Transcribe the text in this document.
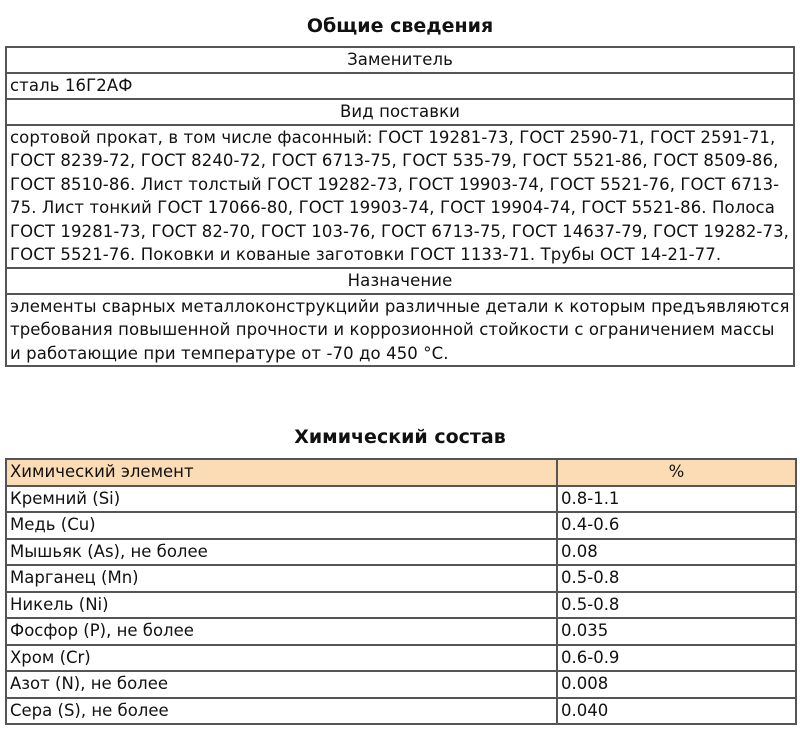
Общие сведения
Заменитель
сталь 16Г2АФ
Вид поставки
сортовой прокат, в том числе фасонный: ГОСТ 19281-73, ГОСТ 2590-71, ГОСТ 2591-71, ГОСТ 8239-72, ГОСТ 8240-72, ГОСТ 6713-75, ГОСТ 535-79, ГОСТ 5521-86, ГОСТ 8509-86, ГОСТ 8510-86. Лист толстый ГОСТ 19282-73, ГОСТ 19903-74, ГОСТ 5521-76, ГОСТ 6713-75. Лист тонкий ГОСТ 17066-80, ГОСТ 19903-74, ГОСТ 19904-74, ГОСТ 5521-86. Полоса ГОСТ 19281-73, ГОСТ 82-70, ГОСТ 103-76, ГОСТ 6713-75, ГОСТ 14637-79, ГОСТ 19282-73, ГОСТ 5521-76. Поковки и кованые заготовки ГОСТ 1133-71. Трубы ОСТ 14-21-77.
Назначение
элементы сварных металлоконструкцийи различные детали к которым предъявляются требования повышенной прочности и коррозионной стойкости с ограничением массы и работающие при температуре от -70 до 450 °С.
Химический состав
Химический элемент	%
Кремний (Si)	0.8-1.1
Медь (Cu)	0.4-0.6
Мышьяк (As), не более	0.08
Марганец (Mn)	0.5-0.8
Никель (Ni)	0.5-0.8
Фосфор (P), не более	0.035
Хром (Cr)	0.6-0.9
Азот (N), не более	0.008
Сера (S), не более	0.040
